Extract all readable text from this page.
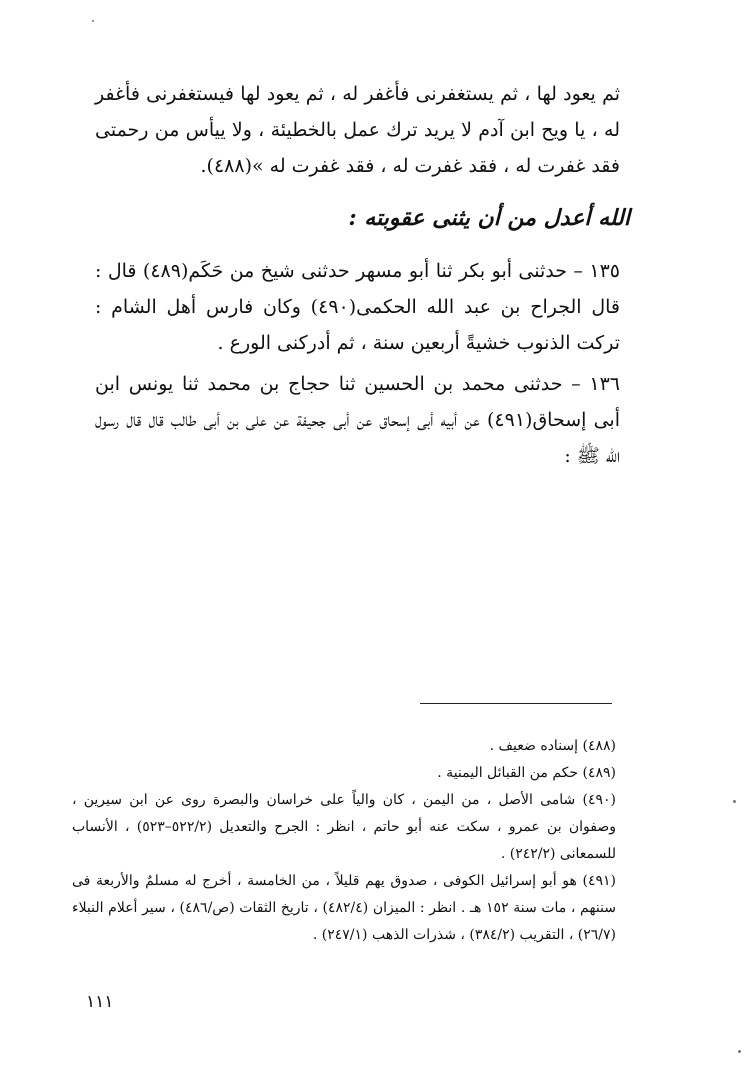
ثم يعود لها ، ثم يستغفرنى فأغفر له ، ثم يعود لها فيستغفرنى فأغفر له ، يا ويح ابن آدم لا يريد ترك عمل بالخطيئة ، ولا ييأس من رحمتى فقد غفرت له ، فقد غفرت له ، فقد غفرت له »(٤٨٨).

الله أعدل من أن يثنى عقوبته :

١٣٥ – حدثنى أبو بكر ثنا أبو مسهر حدثنى شيخ من حَكَم(٤٨٩) قال : قال الجراح بن عبد الله الحكمى(٤٩٠) وكان فارس أهل الشام : تركت الذنوب خشيةً أربعين سنة ، ثم أدركنى الورع .

١٣٦ – حدثنى محمد بن الحسين ثنا حجاج بن محمد ثنا يونس ابن أبى إسحاق(٤٩١) عن أبيه أبى إسحاق عن أبى جحيفة عن على بن أبى طالب قال قال رسول الله ﷺ :

(٤٨٨) إسناده ضعيف .

(٤٨٩) حكم من القبائل اليمنية .

(٤٩٠) شامى الأصل ، من اليمن ، كان والياً على خراسان والبصرة روى عن ابن سيرين ، وصفوان بن عمرو ، سكت عنه أبو حاتم ، انظر : الجرح والتعديل (٥٢٢/٢–٥٢٣) ، الأنساب للسمعانى (٢٤٢/٢) .

(٤٩١) هو أبو إسرائيل الكوفى ، صدوق يهم قليلاً ، من الخامسة ، أخرج له مسلمٌ والأربعة فى سننهم ، مات سنة ١٥٢ هـ . انظر : الميزان (٤٨٢/٤) ، تاريخ الثقات (ص/٤٨٦) ، سير أعلام النبلاء (٢٦/٧) ، التقريب (٣٨٤/٢) ، شذرات الذهب (٢٤٧/١) .

١١١
